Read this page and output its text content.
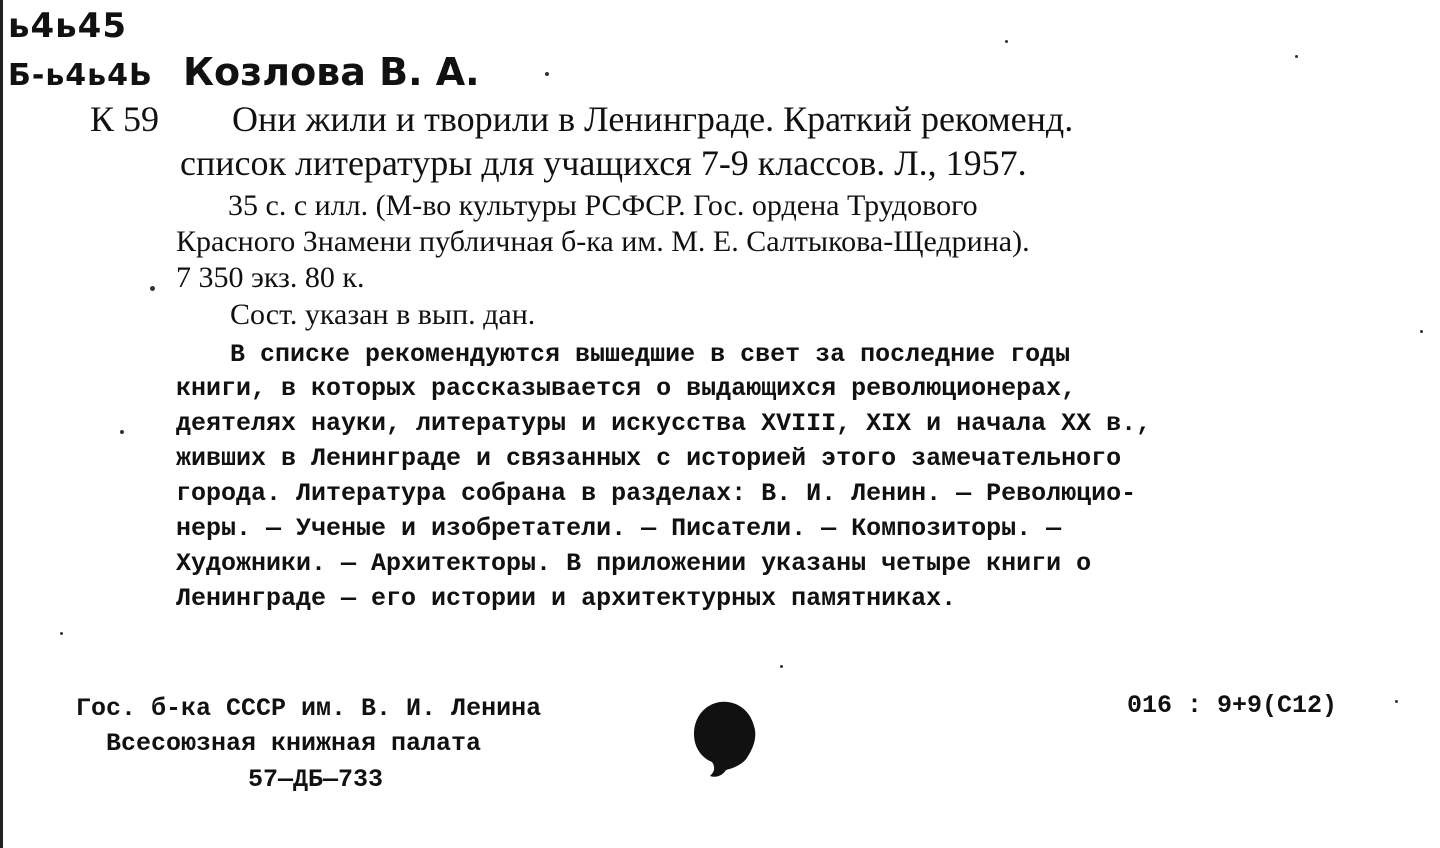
ь4ь45
Б-ь4ь4Ь Козлова В. А.
К 59 Они жили и творили в Ленинграде. Краткий рекоменд.
список литературы для учащихся 7-9 классов. Л., 1957.
35 с. с илл. (М-во культуры РСФСР. Гос. ордена Трудового
Красного Знамени публичная б-ка им. М. Е. Салтыкова-Щедрина).
7 350 экз. 80 к.
Сост. указан в вып. дан.
В списке рекомендуются вышедшие в свет за последние годы
книги, в которых рассказывается о выдающихся революционерах,
деятелях науки, литературы и искусства XVIII, XIX и начала XX в.,
живших в Ленинграде и связанных с историей этого замечательного
города. Литература собрана в разделах: В. И. Ленин. — Революцио-
неры. — Ученые и изобретатели. — Писатели. — Композиторы. —
Художники. — Архитекторы. В приложении указаны четыре книги о
Ленинграде — его истории и архитектурных памятниках.
Гос. б-ка СССР им. В. И. Ленина
Всесоюзная книжная палата
57—ДБ—733
016 : 9+9(С12)
